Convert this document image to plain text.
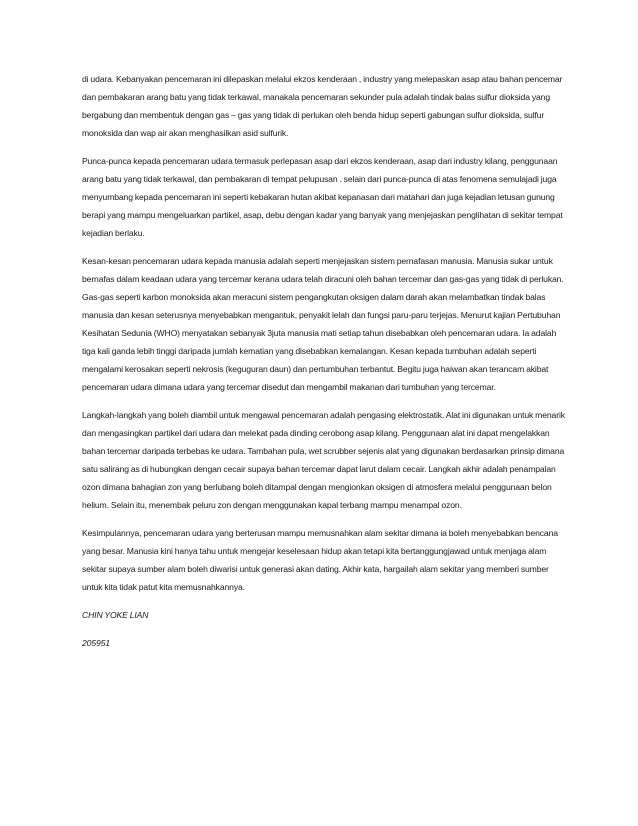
di udara. Kebanyakan pencemaran ini dilepaskan melalui ekzos kenderaan , industry yang melepaskan asap atau bahan pencemar dan pembakaran arang batu yang tidak terkawal, manakala pencemaran sekunder pula adalah tindak balas sulfur dioksida yang bergabung dan membentuk dengan gas – gas yang tidak di perlukan oleh benda hidup seperti gabungan sulfur dioksida, sulfur monoksida dan wap air akan menghasilkan asid sulfurik.

Punca-punca kepada pencemaran udara termasuk perlepasan asap dari ekzos kenderaan, asap dari industry kilang, penggunaan arang batu yang tidak terkawal, dan pembakaran di tempat pelupusan . selain dari punca-punca di atas fenomena semulajadi juga menyumbang kepada pencemaran ini seperti kebakaran hutan akibat kepanasan dari matahari dan juga kejadian letusan gunung berapi yang mampu mengeluarkan partikel, asap, debu dengan kadar yang banyak yang menjejaskan penglihatan di sekitar tempat kejadian berlaku.

Kesan-kesan pencemaran udara kepada manusia adalah seperti menjejaskan sistem pernafasan manusia. Manusia sukar untuk bernafas dalam keadaan udara yang tercemar kerana udara telah diracuni oleh bahan tercemar dan gas-gas yang tidak di perlukan. Gas-gas seperti karbon monoksida akan meracuni sistem pengangkutan oksigen dalam darah akan melambatkan tindak balas manusia dan kesan seterusnya menyebabkan mengantuk, penyakit lelah dan fungsi paru-paru terjejas. Menurut kajian Pertubuhan Kesihatan Sedunia (WHO) menyatakan sebanyak 3juta manusia mati setiap tahun disebabkan oleh pencemaran udara. Ia adalah tiga kali ganda lebih tinggi daripada jumlah kematian yang disebabkan kemalangan. Kesan kepada tumbuhan adalah seperti mengalami kerosakan seperti nekrosis (keguguran daun) dan pertumbuhan terbantut. Begitu juga haiwan akan terancam akibat pencemaran udara dimana udara yang tercemar disedut dan mengambil makanan dari tumbuhan yang tercemar.

Langkah-langkah yang boleh diambil untuk mengawal pencemaran adalah pengasing elektrostatik. Alat ini digunakan untuk menarik dan mengasingkan partikel dari udara dan melekat pada dinding cerobong asap kilang. Penggunaan alat ini dapat mengelakkan bahan tercemar daripada terbebas ke udara. Tambahan pula, wet scrubber sejenis alat yang digunakan berdasarkan prinsip dimana satu salirang as di hubungkan dengan cecair supaya bahan tercemar dapat larut dalam cecair. Langkah akhir adalah penampalan ozon dimana bahagian zon yang berlubang boleh ditampal dengan mengionkan oksigen di atmosfera melalui penggunaan belon helium. Selain itu, menembak peluru zon dengan menggunakan kapal terbang mampu menampal ozon.

Kesimpulannya, pencemaran udara yang berterusan mampu memusnahkan alam sekitar dimana ia boleh menyebabkan bencana yang besar. Manusia kini hanya tahu untuk mengejar kesele​saan hidup akan tetapi kita bertanggungjawad untuk menjaga alam sekitar supaya sumber alam boleh diwarisi untuk generasi akan dating. Akhir kata, hargailah alam sekitar yang memberi sumber untuk kita tidak patut kita memusnahkannya.

CHIN YOKE LIAN

205951
